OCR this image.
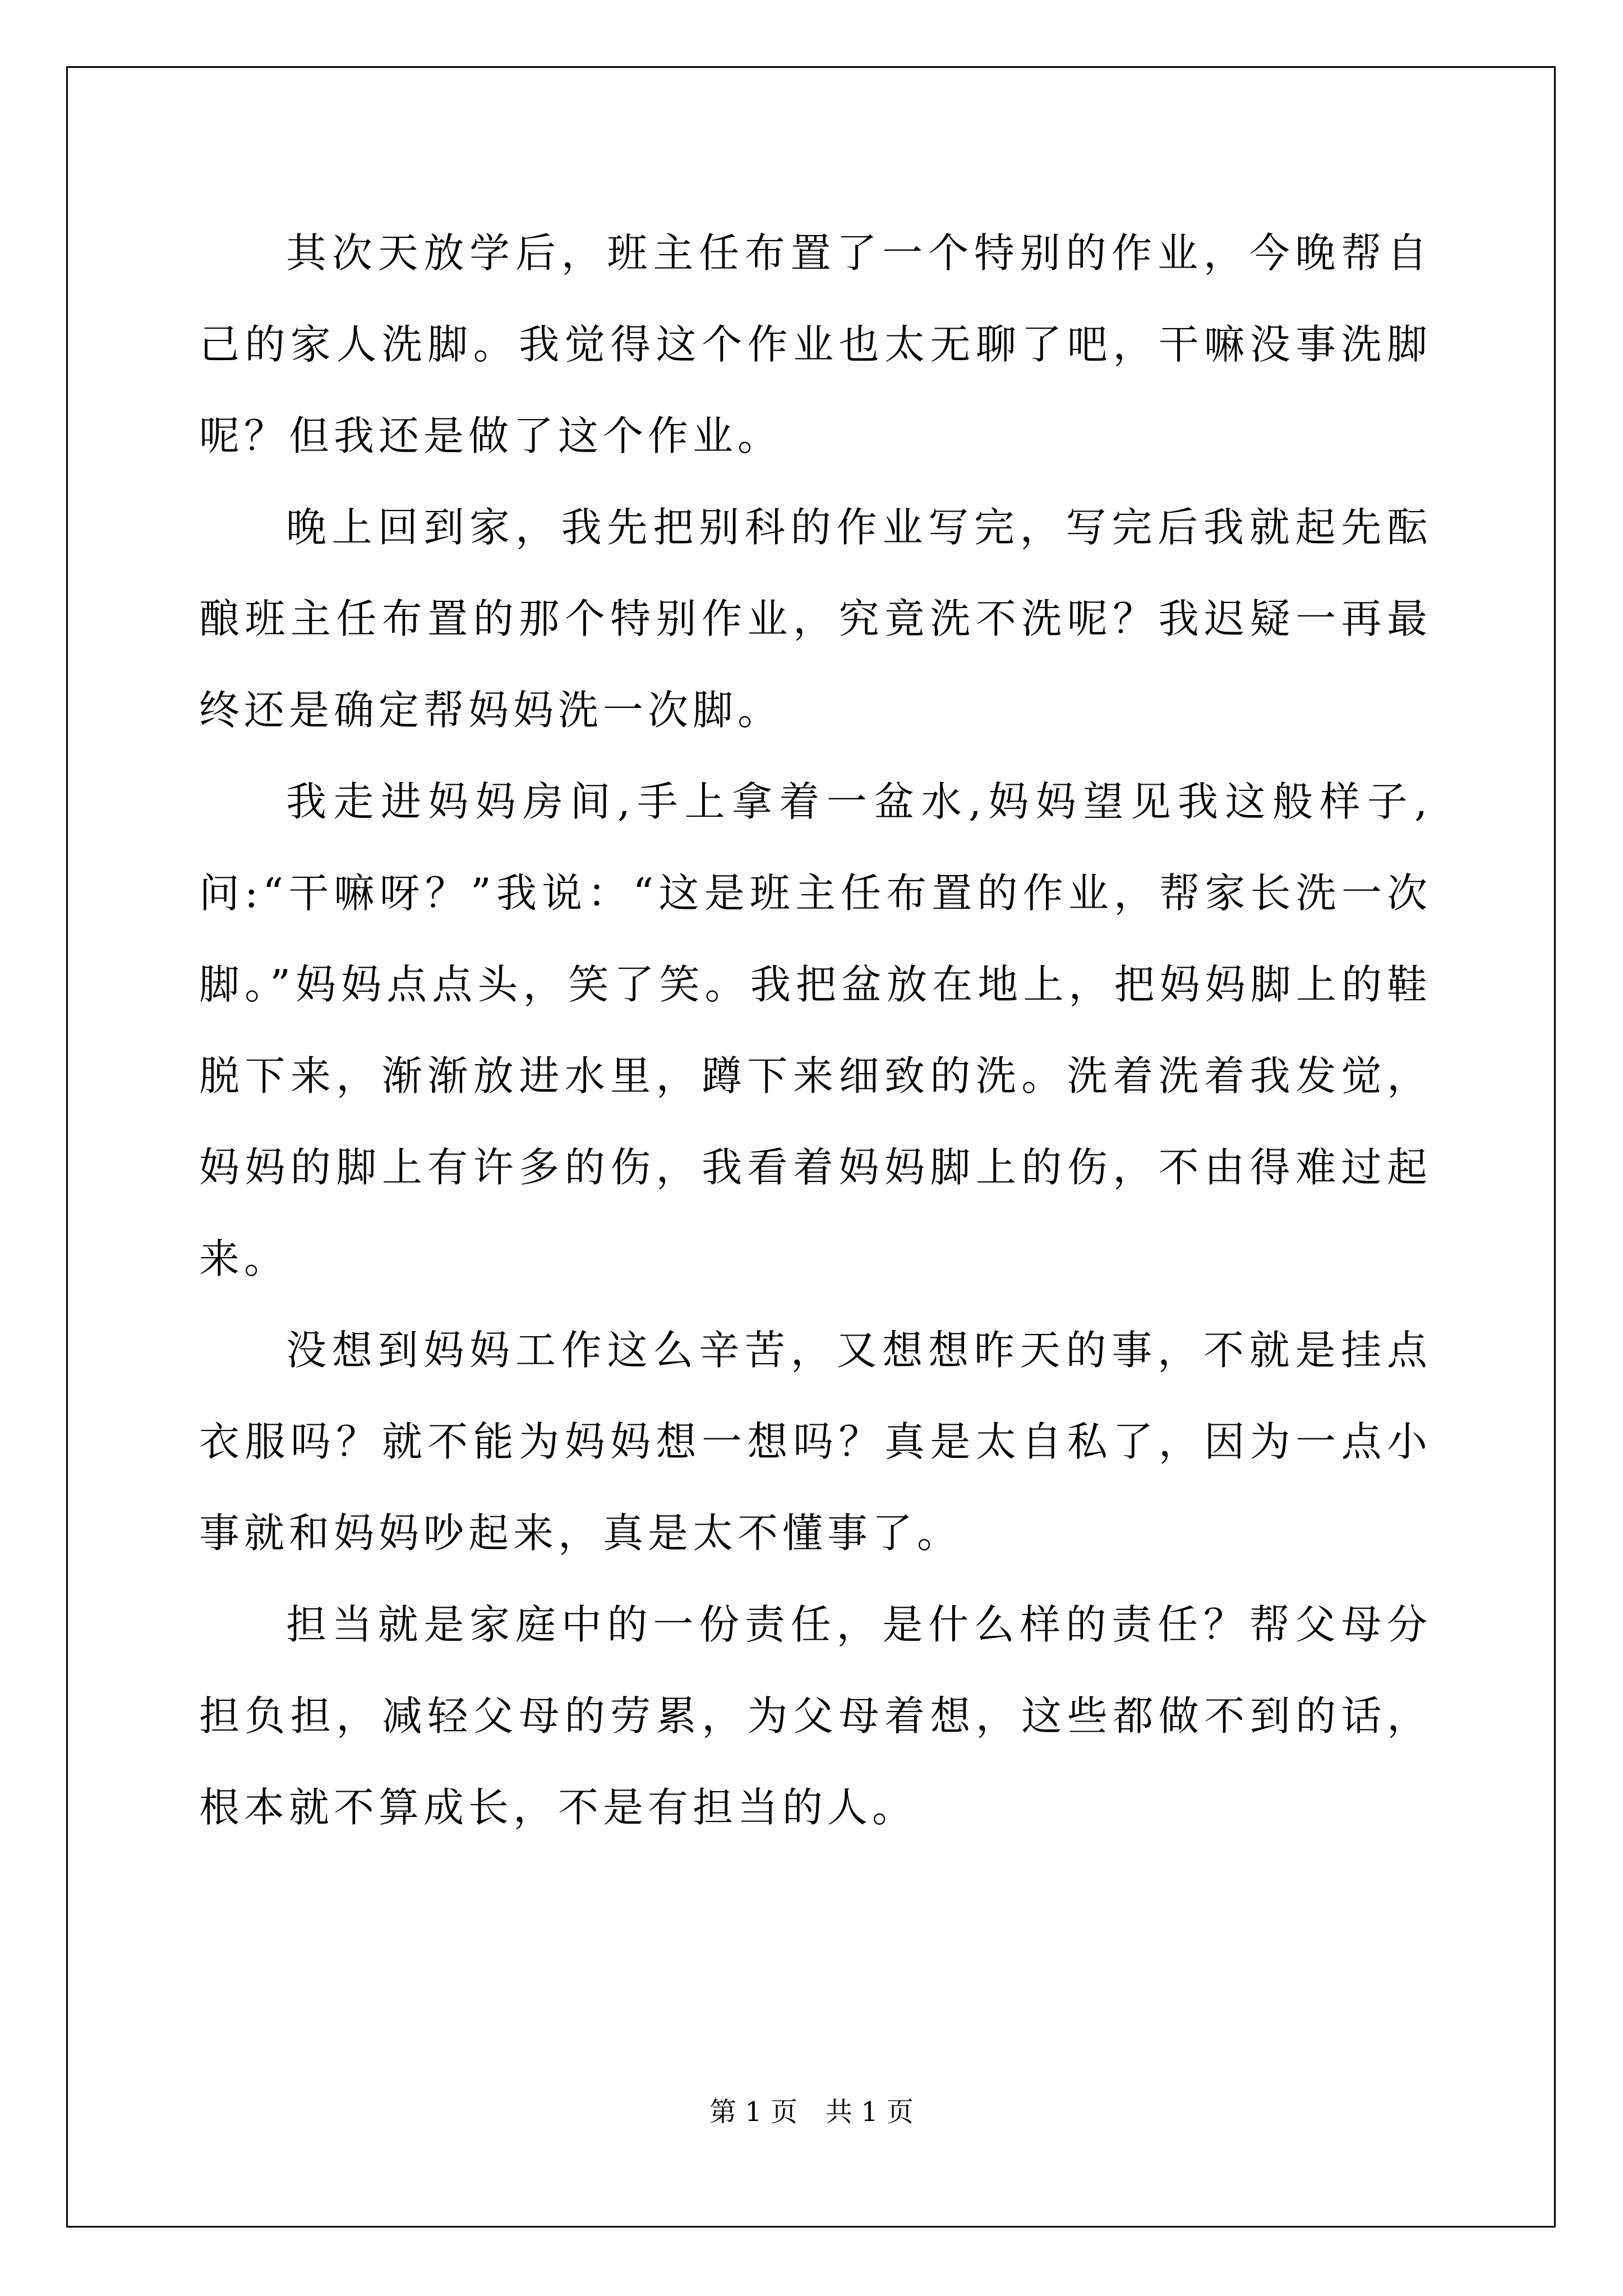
其次天放学后，班主任布置了一个特别的作业，今晚帮自己的家人洗脚。我觉得这个作业也太无聊了吧，干嘛没事洗脚呢？但我还是做了这个作业。

晚上回到家，我先把别科的作业写完，写完后我就起先酝酿班主任布置的那个特别作业，究竟洗不洗呢？我迟疑一再最终还是确定帮妈妈洗一次脚。

我走进妈妈房间,手上拿着一盆水,妈妈望见我这般样子,问:“干嘛呀？”我说：“这是班主任布置的作业，帮家长洗一次脚。”妈妈点点头，笑了笑。我把盆放在地上，把妈妈脚上的鞋脱下来，渐渐放进水里，蹲下来细致的洗。洗着洗着我发觉，妈妈的脚上有许多的伤，我看着妈妈脚上的伤，不由得难过起来。

没想到妈妈工作这么辛苦，又想想昨天的事，不就是挂点衣服吗？就不能为妈妈想一想吗？真是太自私了，因为一点小事就和妈妈吵起来，真是太不懂事了。

担当就是家庭中的一份责任，是什么样的责任？帮父母分担负担，减轻父母的劳累，为父母着想，这些都做不到的话，根本就不算成长，不是有担当的人。

第 1 页 共 1 页
